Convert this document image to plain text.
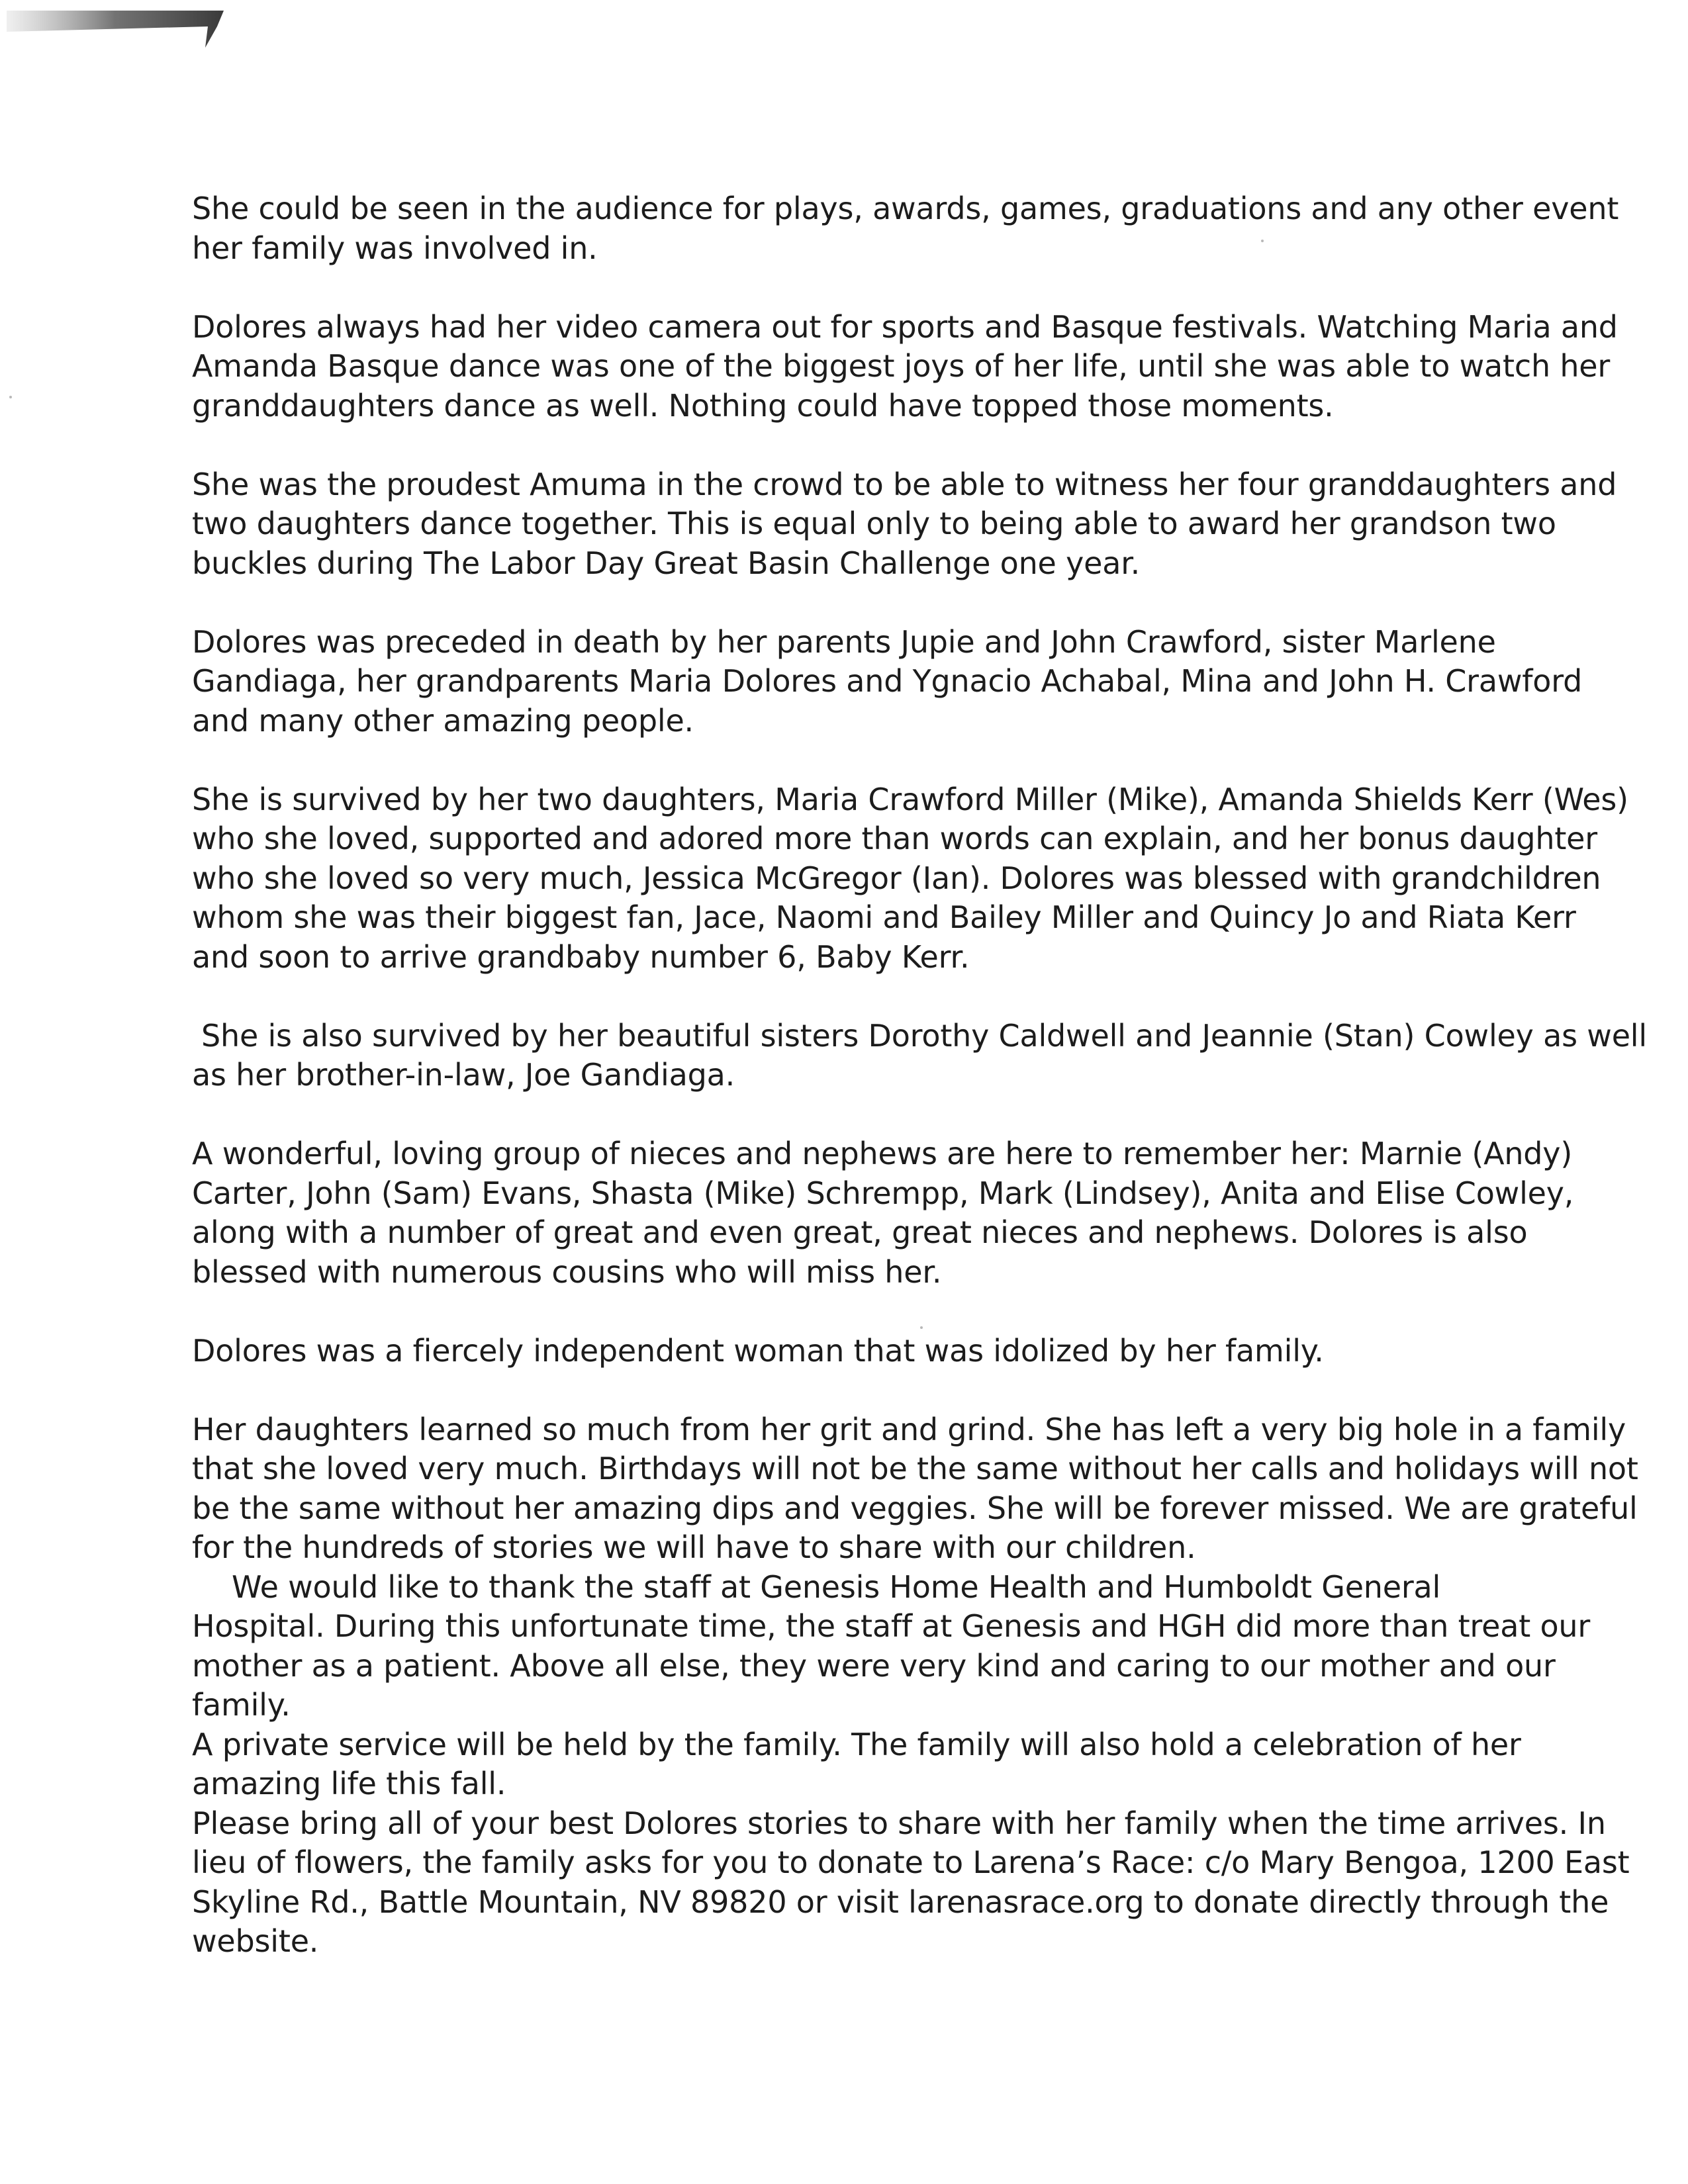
She could be seen in the audience for plays, awards, games, graduations and any other event
her family was involved in.
Dolores always had her video camera out for sports and Basque festivals. Watching Maria and
Amanda Basque dance was one of the biggest joys of her life, until she was able to watch her
granddaughters dance as well. Nothing could have topped those moments.
She was the proudest Amuma in the crowd to be able to witness her four granddaughters and
two daughters dance together. This is equal only to being able to award her grandson two
buckles during The Labor Day Great Basin Challenge one year.
Dolores was preceded in death by her parents Jupie and John Crawford, sister Marlene
Gandiaga, her grandparents Maria Dolores and Ygnacio Achabal, Mina and John H. Crawford
and many other amazing people.
She is survived by her two daughters, Maria Crawford Miller (Mike), Amanda Shields Kerr (Wes)
who she loved, supported and adored more than words can explain, and her bonus daughter
who she loved so very much, Jessica McGregor (Ian). Dolores was blessed with grandchildren
whom she was their biggest fan, Jace, Naomi and Bailey Miller and Quincy Jo and Riata Kerr
and soon to arrive grandbaby number 6, Baby Kerr.
She is also survived by her beautiful sisters Dorothy Caldwell and Jeannie (Stan) Cowley as well
as her brother-in-law, Joe Gandiaga.
A wonderful, loving group of nieces and nephews are here to remember her: Marnie (Andy)
Carter, John (Sam) Evans, Shasta (Mike) Schrempp, Mark (Lindsey), Anita and Elise Cowley,
along with a number of great and even great, great nieces and nephews. Dolores is also
blessed with numerous cousins who will miss her.
Dolores was a fiercely independent woman that was idolized by her family.
Her daughters learned so much from her grit and grind. She has left a very big hole in a family
that she loved very much. Birthdays will not be the same without her calls and holidays will not
be the same without her amazing dips and veggies. She will be forever missed. We are grateful
for the hundreds of stories we will have to share with our children.
We would like to thank the staff at Genesis Home Health and Humboldt General
Hospital. During this unfortunate time, the staff at Genesis and HGH did more than treat our
mother as a patient. Above all else, they were very kind and caring to our mother and our
family.
A private service will be held by the family. The family will also hold a celebration of her
amazing life this fall.
Please bring all of your best Dolores stories to share with her family when the time arrives. In
lieu of flowers, the family asks for you to donate to Larena’s Race: c/o Mary Bengoa, 1200 East
Skyline Rd., Battle Mountain, NV 89820 or visit larenasrace.org to donate directly through the
website.
